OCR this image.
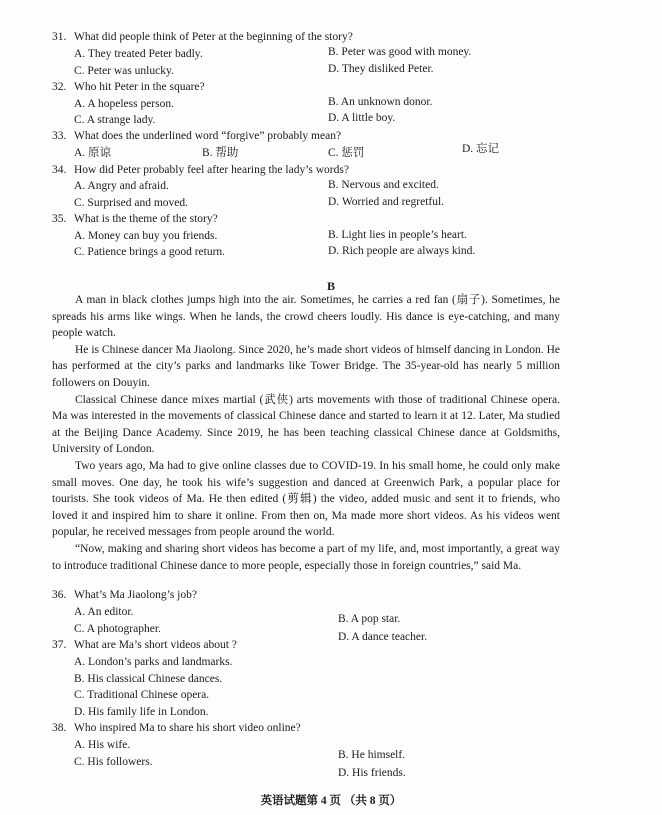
31. What did people think of Peter at the beginning of the story?
A. They treated Peter badly.	B. Peter was good with money.
C. Peter was unlucky.	D. They disliked Peter.
32. Who hit Peter in the square?
A. A hopeless person.	B. An unknown donor.
C. A strange lady.	D. A little boy.
33. What does the underlined word “forgive” probably mean?
A. 原谅	B. 帮助	C. 惩罚	D. 忘记
34. How did Peter probably feel after hearing the lady’s words?
A. Angry and afraid.	B. Nervous and excited.
C. Surprised and moved.	D. Worried and regretful.
35. What is the theme of the story?
A. Money can buy you friends.	B. Light lies in people’s heart.
C. Patience brings a good return.	D. Rich people are always kind.
B

A man in black clothes jumps high into the air. Sometimes, he carries a red fan (扇子). Sometimes, he spreads his arms like wings. When he lands, the crowd cheers loudly. His dance is eye-catching, and many people watch.

He is Chinese dancer Ma Jiaolong. Since 2020, he’s made short videos of himself dancing in London. He has performed at the city’s parks and landmarks like Tower Bridge. The 35-year-old has nearly 5 million followers on Douyin.

Classical Chinese dance mixes martial (武侠) arts movements with those of traditional Chinese opera. Ma was interested in the movements of classical Chinese dance and started to learn it at 12. Later, Ma studied at the Beijing Dance Academy. Since 2019, he has been teaching classical Chinese dance at Goldsmiths, University of London.

Two years ago, Ma had to give online classes due to COVID-19. In his small home, he could only make small moves. One day, he took his wife’s suggestion and danced at Greenwich Park, a popular place for tourists. She took videos of Ma. He then edited (剪辑) the video, added music and sent it to friends, who loved it and inspired him to share it online. From then on, Ma made more short videos. As his videos went popular, he received messages from people around the world.

“Now, making and sharing short videos has become a part of my life, and, most importantly, a great way to introduce traditional Chinese dance to more people, especially those in foreign countries,” said Ma.

36. What’s Ma Jiaolong’s job?
A. An editor.
B. A pop star.
C. A photographer.
D. A dance teacher.
37. What are Ma’s short videos about ?
A. London’s parks and landmarks.
B. His classical Chinese dances.
C. Traditional Chinese opera.
D. His family life in London.
38. Who inspired Ma to share his short video online?
A. His wife.
B. He himself.
C. His followers.
D. His friends.
英语试题第 4 页 （共 8 页）
